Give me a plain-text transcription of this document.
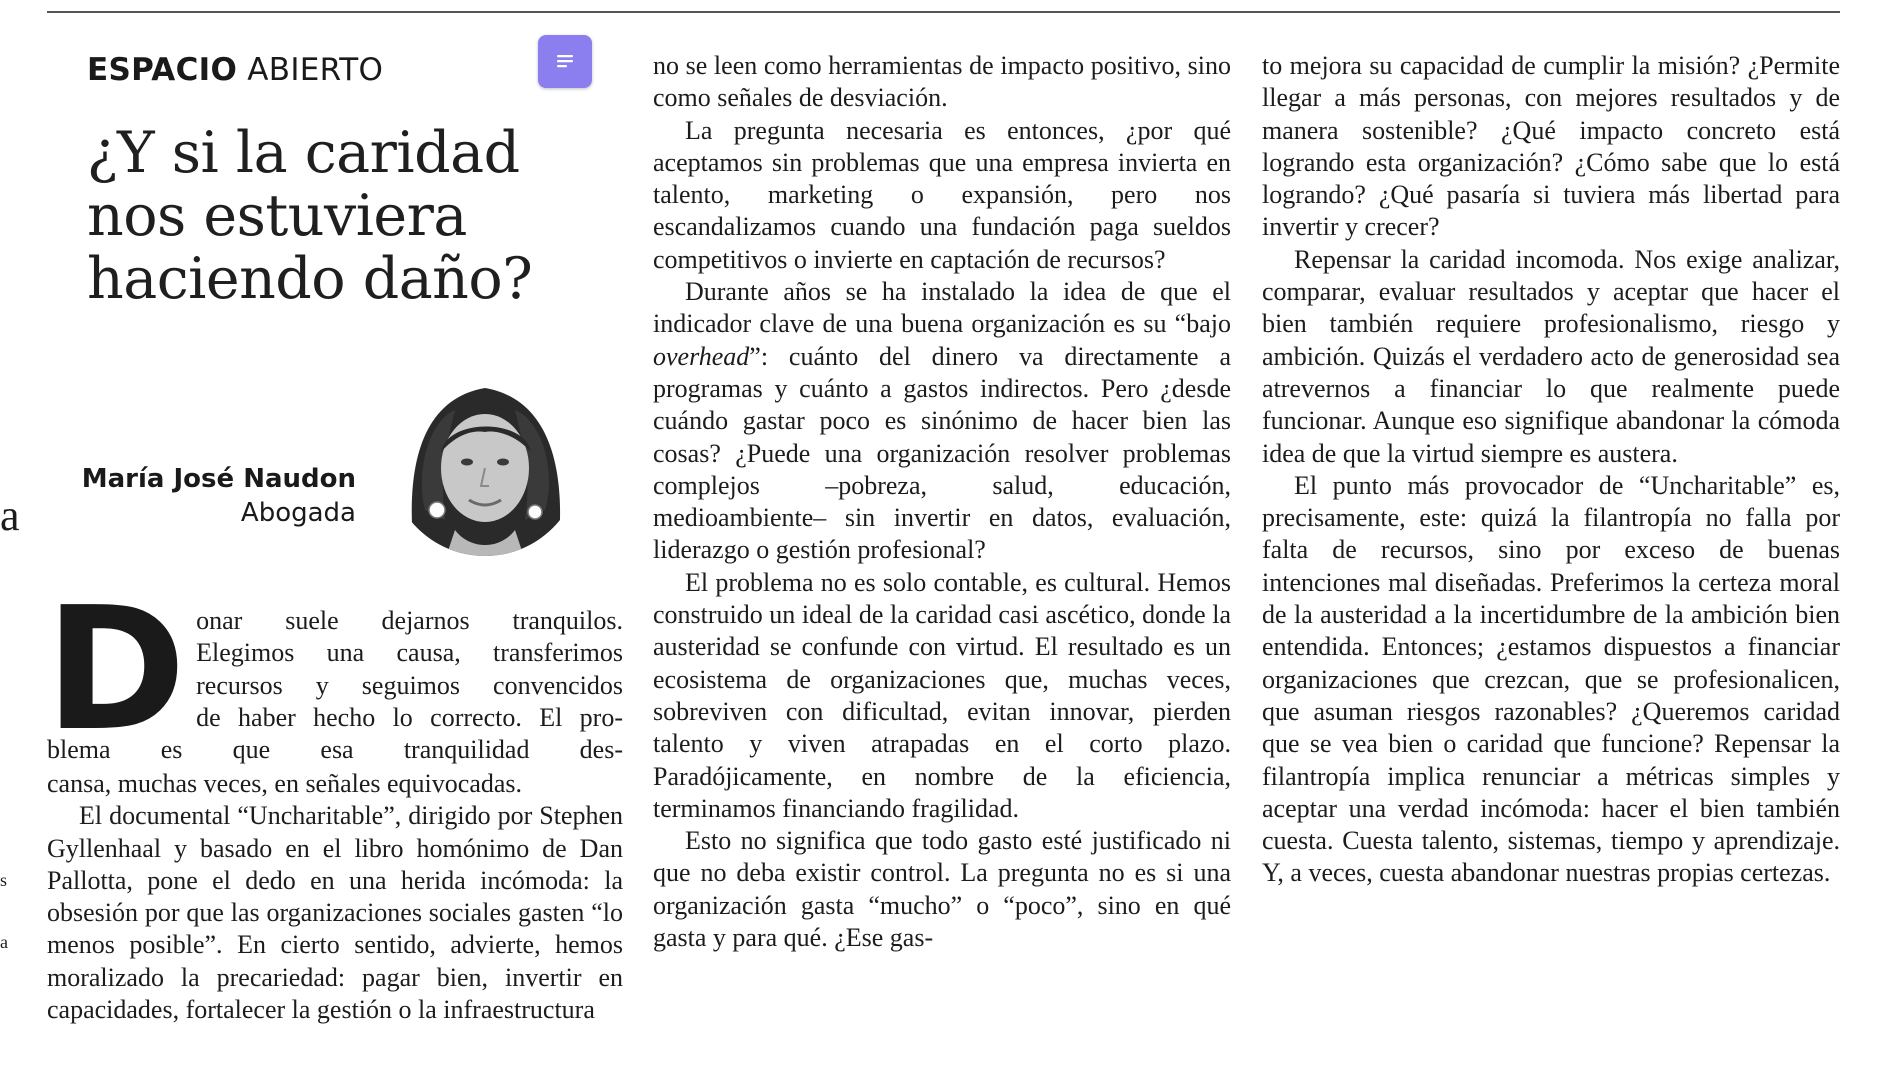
a
s
a
ESPACIO ABIERTO
¿Y si la caridad
nos estuviera
haciendo daño?
María José Naudon
Abogada
D onar suele dejarnos tranquilos.

Elegimos una causa, transferimos

recursos y seguimos convencidos

de haber hecho lo correcto. El pro-

blema es que esa tranquilidad des-

cansa, muchas veces, en señales equivocadas.

El documental “Uncharitable”, dirigido por Stephen Gyllenhaal y basado en el libro homónimo de Dan Pallotta, pone el dedo en una herida incómoda: la obsesión por que las organizaciones sociales gasten “lo menos posible”. En cierto sentido, advierte, hemos moralizado la precariedad: pagar bien, invertir en capacidades, fortalecer la gestión o la infraestructura

no se leen como herramientas de impacto positivo, sino como señales de desviación.

La pregunta necesaria es entonces, ¿por qué aceptamos sin problemas que una empresa invierta en talento, marketing o expansión, pero nos escandalizamos cuando una fundación paga sueldos competitivos o invierte en captación de recursos?

Durante años se ha instalado la idea de que el indicador clave de una buena organización es su “bajo overhead”: cuánto del dinero va directamente a programas y cuánto a gastos indirectos. Pero ¿desde cuándo gastar poco es sinónimo de hacer bien las cosas? ¿Puede una organización resolver problemas complejos –pobreza, salud, educación, medioambiente– sin invertir en datos, evaluación, liderazgo o gestión profesional?

El problema no es solo contable, es cultural. Hemos construido un ideal de la caridad casi ascético, donde la austeridad se confunde con virtud. El resultado es un ecosistema de organizaciones que, muchas veces, sobreviven con dificultad, evitan innovar, pierden talento y viven atrapadas en el corto plazo. Paradójicamente, en nombre de la eficiencia, terminamos financiando fragilidad.

Esto no significa que todo gasto esté justificado ni que no deba existir control. La pregunta no es si una organización gasta “mucho” o “poco”, sino en qué gasta y para qué. ¿Ese gas-

to mejora su capacidad de cumplir la misión? ¿Permite llegar a más personas, con mejores resultados y de manera sostenible? ¿Qué impacto concreto está logrando esta organización? ¿Cómo sabe que lo está logrando? ¿Qué pasaría si tuviera más libertad para invertir y crecer?

Repensar la caridad incomoda. Nos exige analizar, comparar, evaluar resultados y aceptar que hacer el bien también requiere profesionalismo, riesgo y ambición. Quizás el verdadero acto de generosidad sea atrevernos a financiar lo que realmente puede funcionar. Aunque eso signifique abandonar la cómoda idea de que la virtud siempre es austera.

El punto más provocador de “Uncharitable” es, precisamente, este: quizá la filantropía no falla por falta de recursos, sino por exceso de buenas intenciones mal diseñadas. Preferimos la certeza moral de la austeridad a la incertidumbre de la ambición bien entendida. Entonces; ¿estamos dispuestos a financiar organizaciones que crezcan, que se profesionalicen, que asuman riesgos razonables? ¿Queremos caridad que se vea bien o caridad que funcione? Repensar la filantropía implica renunciar a métricas simples y aceptar una verdad incómoda: hacer el bien también cuesta. Cuesta talento, sistemas, tiempo y aprendizaje. Y, a veces, cuesta abandonar nuestras propias certezas.
